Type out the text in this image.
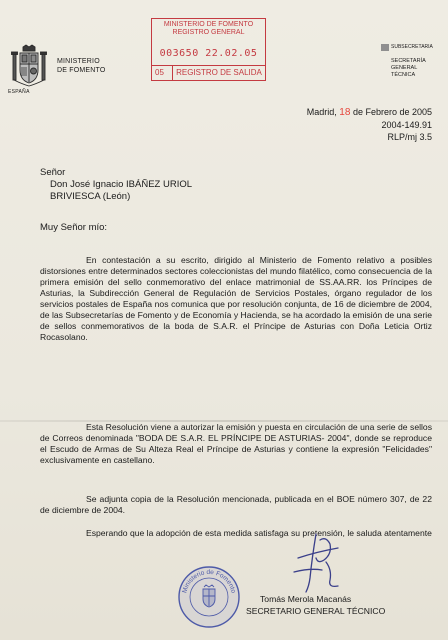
ESPAÑA
MINISTERIO
DE FOMENTO
MINISTERIO DE FOMENTO
REGISTRO GENERAL
003650 22.02.05
05	REGISTRO DE SALIDA
SUBSECRETARIA
SECRETARÍA GENERAL
TÉCNICA
Madrid, 18 de Febrero de 2005
2004-149.91
RLP/mj 3.5
Señor
Don José Ignacio IBÁÑEZ URIOL
BRIVIESCA (León)
Muy Señor mío:

En contestación a su escrito, dirigido al Ministerio de Fomento relativo a posibles distorsiones entre determinados sectores coleccionistas del mundo filatélico, como consecuencia de la primera emisión del sello conmemorativo del enlace matrimonial de SS.AA.RR. los Príncipes de Asturias, la Subdirección General de Regulación de Servicios Postales, órgano regulador de los servicios postales de España nos comunica que por resolución conjunta, de 16 de diciembre de 2004, de las Subsecretarías de Fomento y de Economía y Hacienda, se ha acordado la emisión de una serie de sellos conmemorativos de la boda de S.A.R. el Príncipe de Asturias con Doña Leticia Ortiz Rocasolano.

Esta Resolución viene a autorizar la emisión y puesta en circulación de una serie de sellos de Correos denominada "BODA DE S.A.R. EL PRÍNCIPE DE ASTURIAS- 2004", donde se reproduce el Escudo de Armas de Su Alteza Real el Príncipe de Asturias y contiene la expresión "Felicidades" exclusivamente en castellano.

Se adjunta copia de la Resolución mencionada, publicada en el BOE número 307, de 22 de diciembre de 2004.

Esperando que la adopción de esta medida satisfaga su pretensión, le saluda atentamente

Ministerio de Fomento
Tomás Merola Macanás
SECRETARIO GENERAL TÉCNICO
